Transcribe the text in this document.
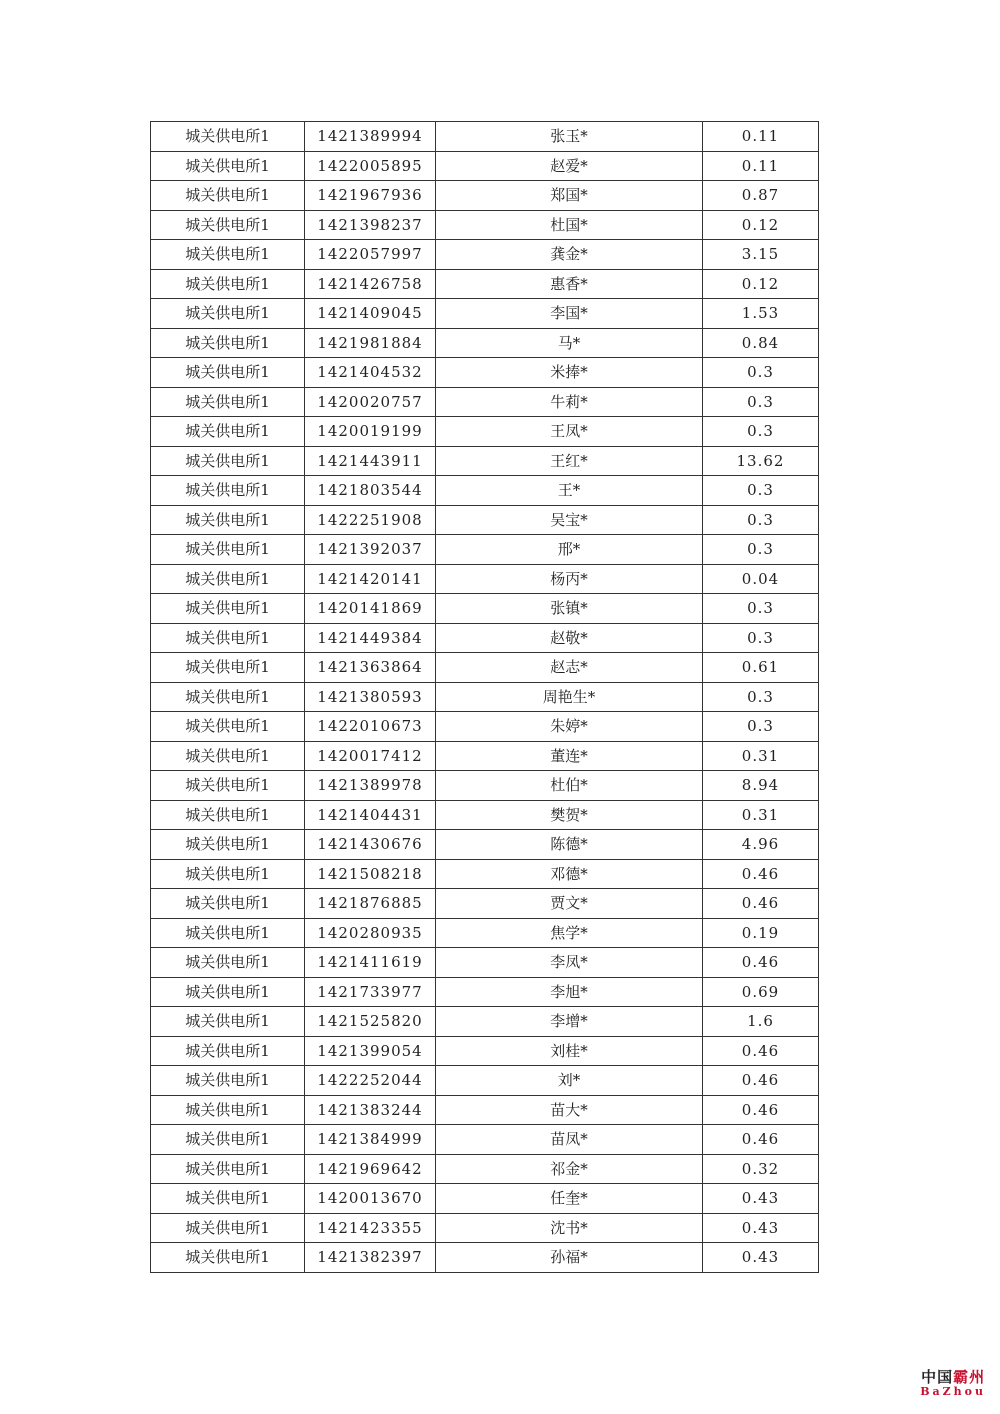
城关供电所1	1421389994	张玉*	0.11
城关供电所1	1422005895	赵爱*	0.11
城关供电所1	1421967936	郑国*	0.87
城关供电所1	1421398237	杜国*	0.12
城关供电所1	1422057997	龚金*	3.15
城关供电所1	1421426758	惠香*	0.12
城关供电所1	1421409045	李国*	1.53
城关供电所1	1421981884	马*	0.84
城关供电所1	1421404532	米捧*	0.3
城关供电所1	1420020757	牛莉*	0.3
城关供电所1	1420019199	王凤*	0.3
城关供电所1	1421443911	王红*	13.62
城关供电所1	1421803544	王*	0.3
城关供电所1	1422251908	吴宝*	0.3
城关供电所1	1421392037	邢*	0.3
城关供电所1	1421420141	杨丙*	0.04
城关供电所1	1420141869	张镇*	0.3
城关供电所1	1421449384	赵敬*	0.3
城关供电所1	1421363864	赵志*	0.61
城关供电所1	1421380593	周艳生*	0.3
城关供电所1	1422010673	朱婷*	0.3
城关供电所1	1420017412	董连*	0.31
城关供电所1	1421389978	杜伯*	8.94
城关供电所1	1421404431	樊贺*	0.31
城关供电所1	1421430676	陈德*	4.96
城关供电所1	1421508218	邓德*	0.46
城关供电所1	1421876885	贾文*	0.46
城关供电所1	1420280935	焦学*	0.19
城关供电所1	1421411619	李凤*	0.46
城关供电所1	1421733977	李旭*	0.69
城关供电所1	1421525820	李增*	1.6
城关供电所1	1421399054	刘桂*	0.46
城关供电所1	1422252044	刘*	0.46
城关供电所1	1421383244	苗大*	0.46
城关供电所1	1421384999	苗凤*	0.46
城关供电所1	1421969642	祁金*	0.32
城关供电所1	1420013670	任奎*	0.43
城关供电所1	1421423355	沈书*	0.43
城关供电所1	1421382397	孙福*	0.43
中国霸州
BaZhou
